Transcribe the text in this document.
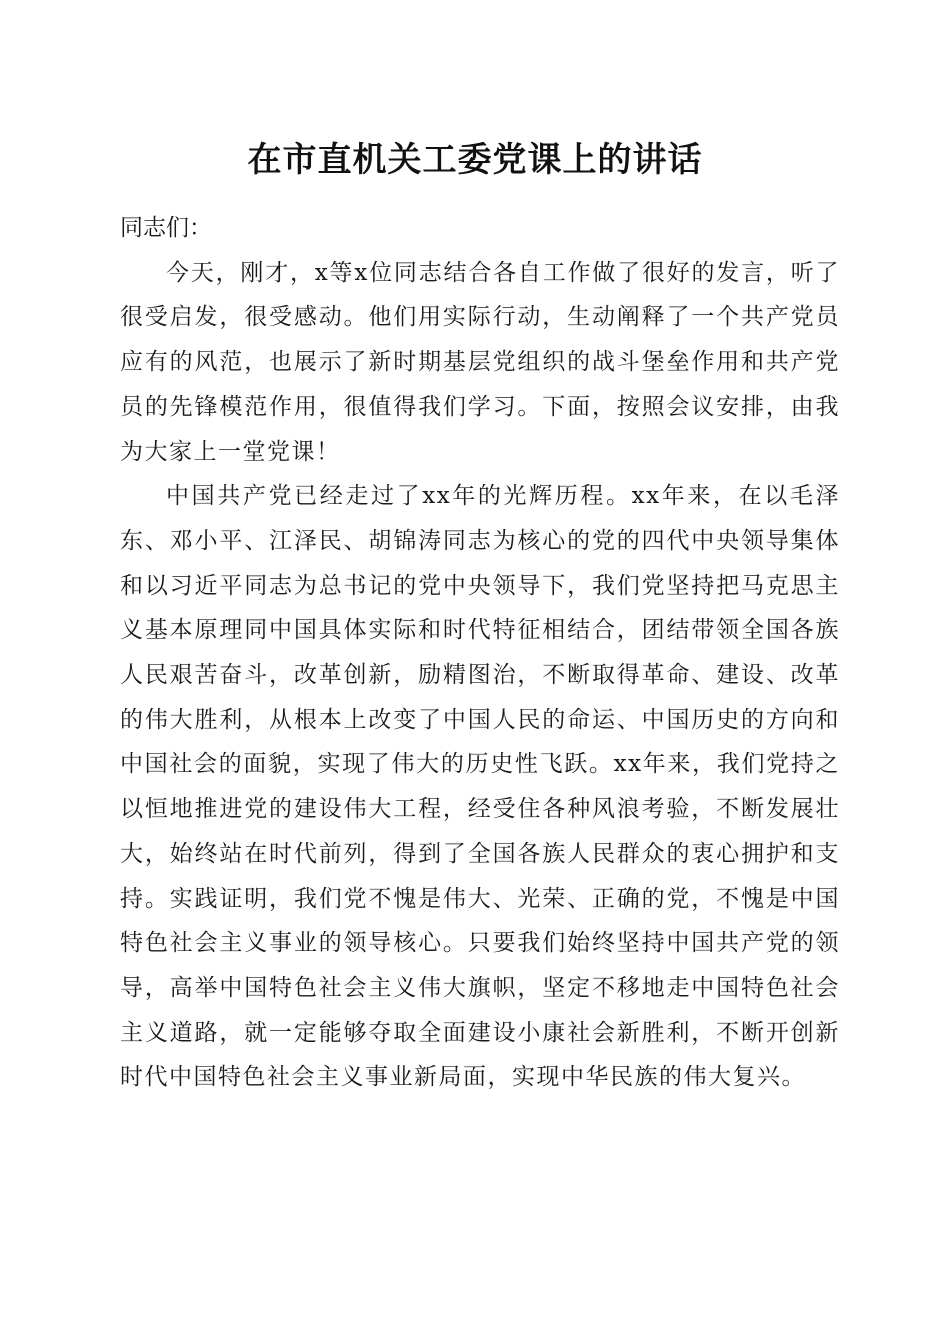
在市直机关工委党课上的讲话

同志们：

今天，刚才，x等x位同志结合各自工作做了很好的发言，听了很受启发，很受感动。他们用实际行动，生动阐释了一个共产党员应有的风范，也展示了新时期基层党组织的战斗堡垒作用和共产党员的先锋模范作用，很值得我们学习。下面，按照会议安排，由我为大家上一堂党课！

中国共产党已经走过了xx年的光辉历程。xx年来，在以毛泽东、邓小平、江泽民、胡锦涛同志为核心的党的四代中央领导集体和以习近平同志为总书记的党中央领导下，我们党坚持把马克思主义基本原理同中国具体实际和时代特征相结合，团结带领全国各族人民艰苦奋斗，改革创新，励精图治，不断取得革命、建设、改革的伟大胜利，从根本上改变了中国人民的命运、中国历史的方向和中国社会的面貌，实现了伟大的历史性飞跃。xx年来，我们党持之以恒地推进党的建设伟大工程，经受住各种风浪考验，不断发展壮大，始终站在时代前列，得到了全国各族人民群众的衷心拥护和支持。实践证明，我们党不愧是伟大、光荣、正确的党，不愧是中国特色社会主义事业的领导核心。只要我们始终坚持中国共产党的领导，高举中国特色社会主义伟大旗帜，坚定不移地走中国特色社会主义道路，就一定能够夺取全面建设小康社会新胜利，不断开创新时代中国特色社会主义事业新局面，实现中华民族的伟大复兴。
